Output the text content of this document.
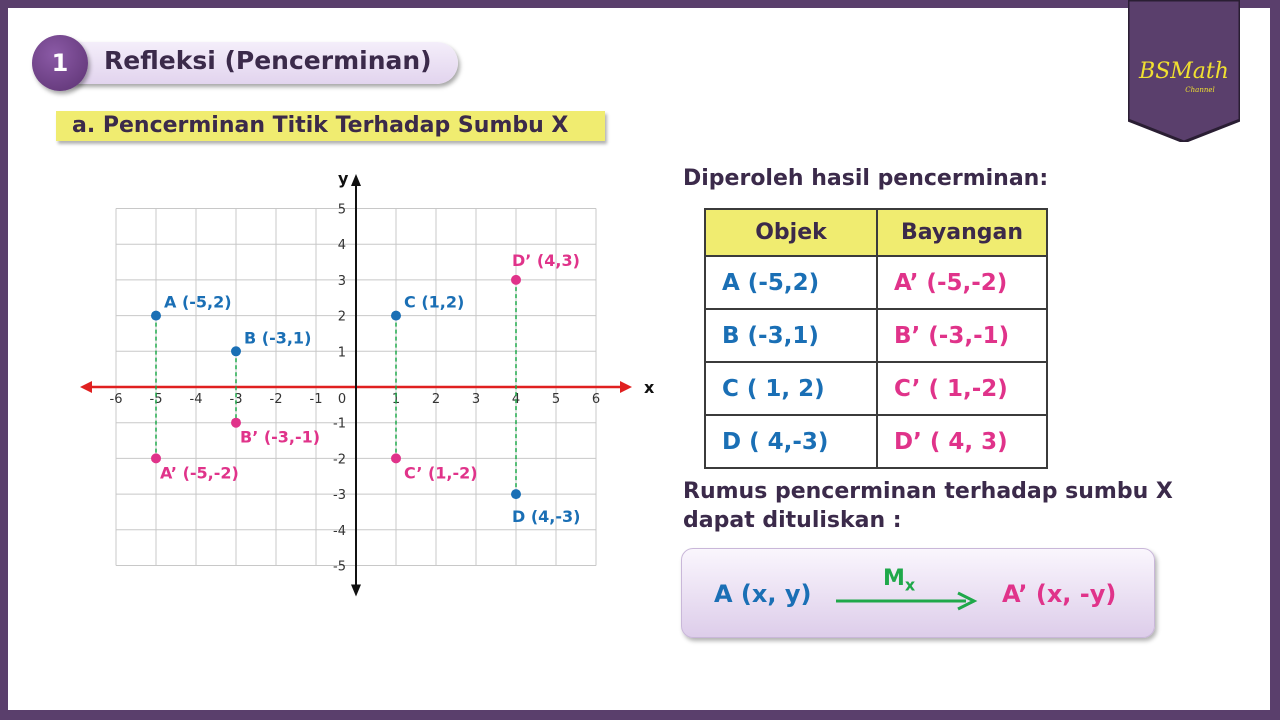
1	Refleksi (Pencerminan)
a. Pencerminan Titik Terhadap Sumbu X
BSMath
Channel
x
y
-6 -5 -4 -3 -2 -1 0	1 2 3 4 5 6
5
4
3
2
1
-1
-2
-3
-4
-5
A (-5,2)
B (-3,1)
C (1,2)
D (4,-3)
A’ (-5,-2)
B’ (-3,-1)
C’ (1,-2)
D’ (4,3)
Diperoleh hasil pencerminan:
Objek	Bayangan
A (-5,2)	A’ (-5,-2)
B (-3,1)	B’ (-3,-1)
C ( 1, 2)	C’ ( 1,-2)
D ( 4,-3)	D’ ( 4, 3)
Rumus pencerminan terhadap sumbu X
dapat dituliskan :
A (x, y)
$M_x$	A’ (x, -y)
